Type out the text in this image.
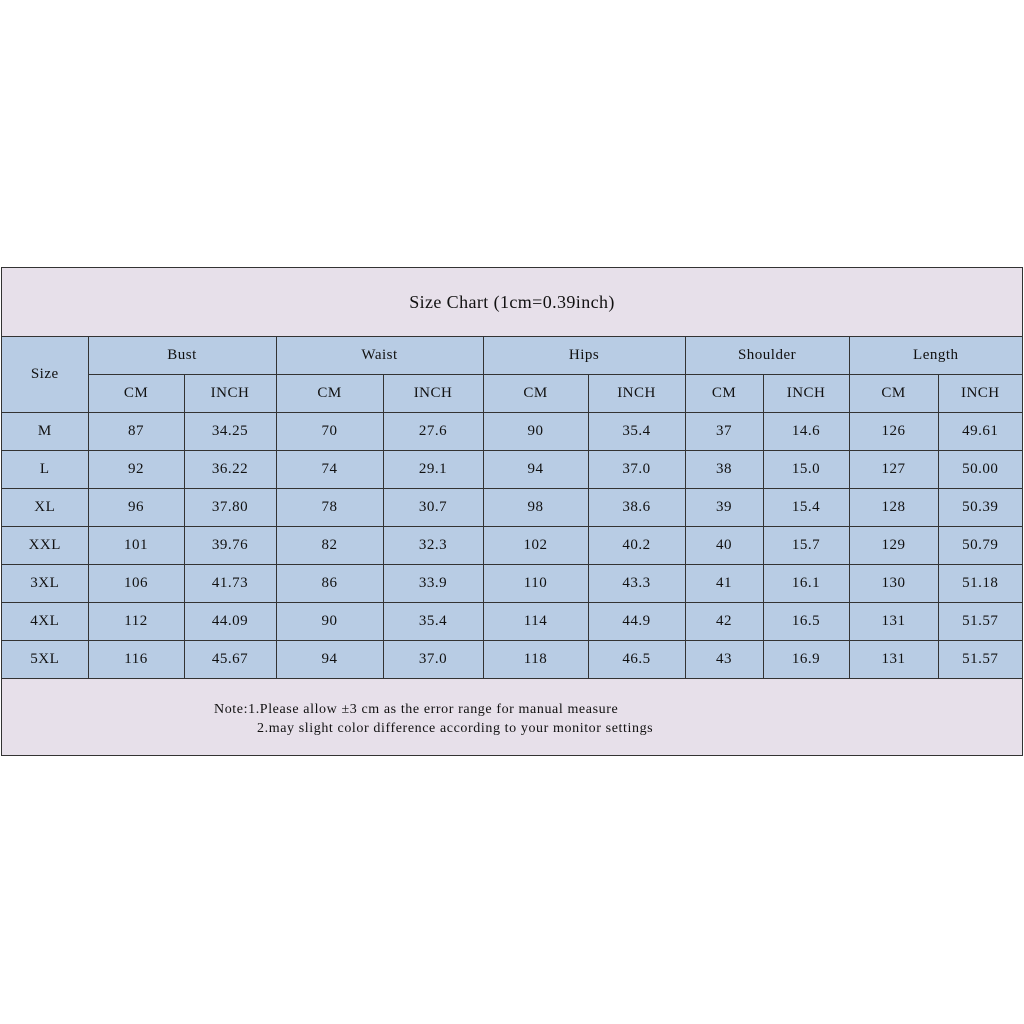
Size Chart (1cm=0.39inch)
Size	Bust		Waist		Hips		Shoulder		Length	
	CM	INCH	CM	INCH	CM	INCH	CM	INCH	CM	INCH
M	87	34.25	70	27.6	90	35.4	37	14.6	126	49.61
L	92	36.22	74	29.1	94	37.0	38	15.0	127	50.00
XL	96	37.80	78	30.7	98	38.6	39	15.4	128	50.39
XXL	101	39.76	82	32.3	102	40.2	40	15.7	129	50.79
3XL	106	41.73	86	33.9	110	43.3	41	16.1	130	51.18
4XL	112	44.09	90	35.4	114	44.9	42	16.5	131	51.57
5XL	116	45.67	94	37.0	118	46.5	43	16.9	131	51.57
Note:1.Please allow ±3 cm as the error range for manual measure
2.may slight color difference according to your monitor settings
